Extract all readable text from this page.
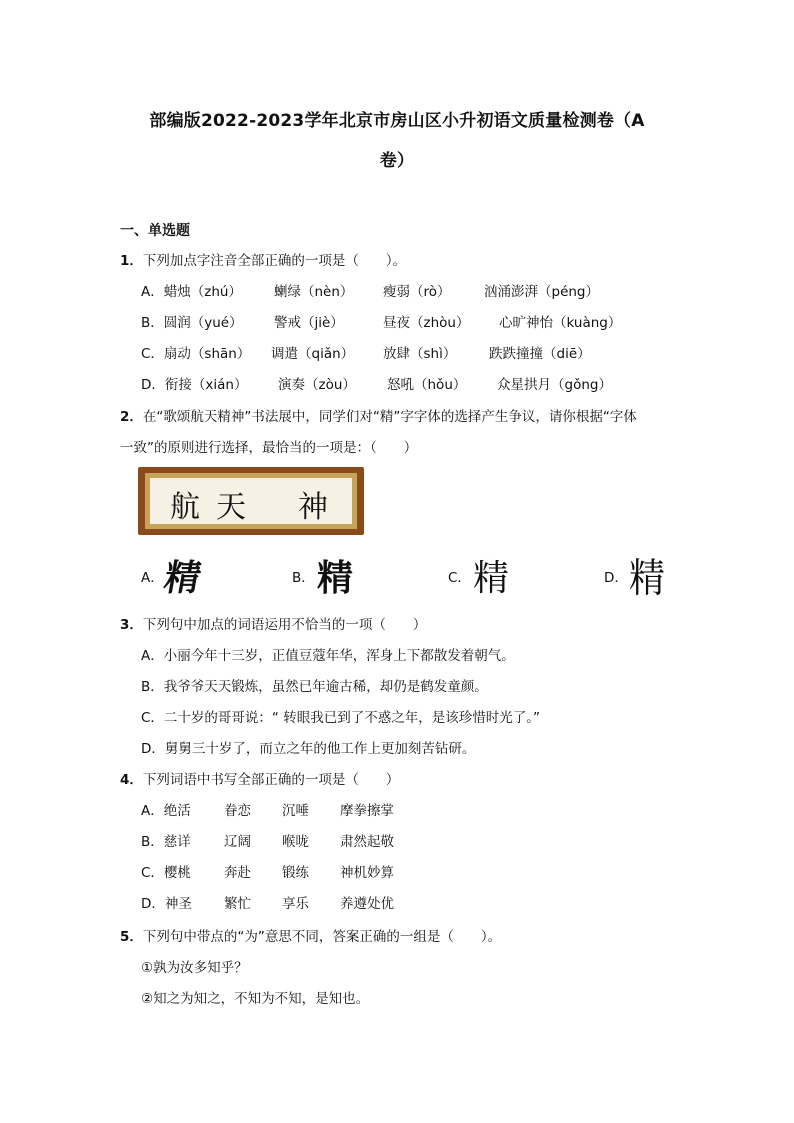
部编版2022-2023学年北京市房山区小升初语文质量检测卷（A
卷）
一、单选题
1．下列加点字注音全部正确的一项是（　　）。
A．蜡烛（zhú） 蝲绿（nèn） 瘦弱（rò） 汹涌澎湃（péng）
B．圆润（yué） 警戒（jiè）	昼夜（zhòu） 心旷神怡（kuàng）
C．扇动（shān） 调遣（qiǎn） 放肆（shì） 跌跌撞撞（diē）
D．衔接（xián） 演奏（zòu） 怒吼（hǒu） 众星拱月（gǒng）
2．在“歌颂航天精神”书法展中，同学们对“精”字字体的选择产生争议，请你根据“字体
一致”的原则进行选择，最恰当的一项是：（　　）
航 天 神
A．
精	B． 精	C． 精	D． 精
3．下列句中加点的词语运用不恰当的一项（　　）
A．小丽今年十三岁，正值豆蔻年华，浑身上下都散发着朝气。
B．我爷爷天天锻炼，虽然已年逾古稀，却仍是鹤发童颜。
C．二十岁的哥哥说：“ 转眼我已到了不惑之年，是该珍惜时光了。”
D．舅舅三十岁了，而立之年的他工作上更加刻苦钻研。
4．下列词语中书写全部正确的一项是（　　）
A．绝活 眷恋 沉唾 摩拳擦掌
B．慈详 辽阔 喉咙 肃然起敬
C．樱桃 奔赴 锻练 神机妙算
D．神圣 繁忙 享乐 养遵处优
5．下列句中带点的“为”意思不同，答案正确的一组是（　　）。
①孰为汝多知乎？
②知之为知之，不知为不知，是知也。
